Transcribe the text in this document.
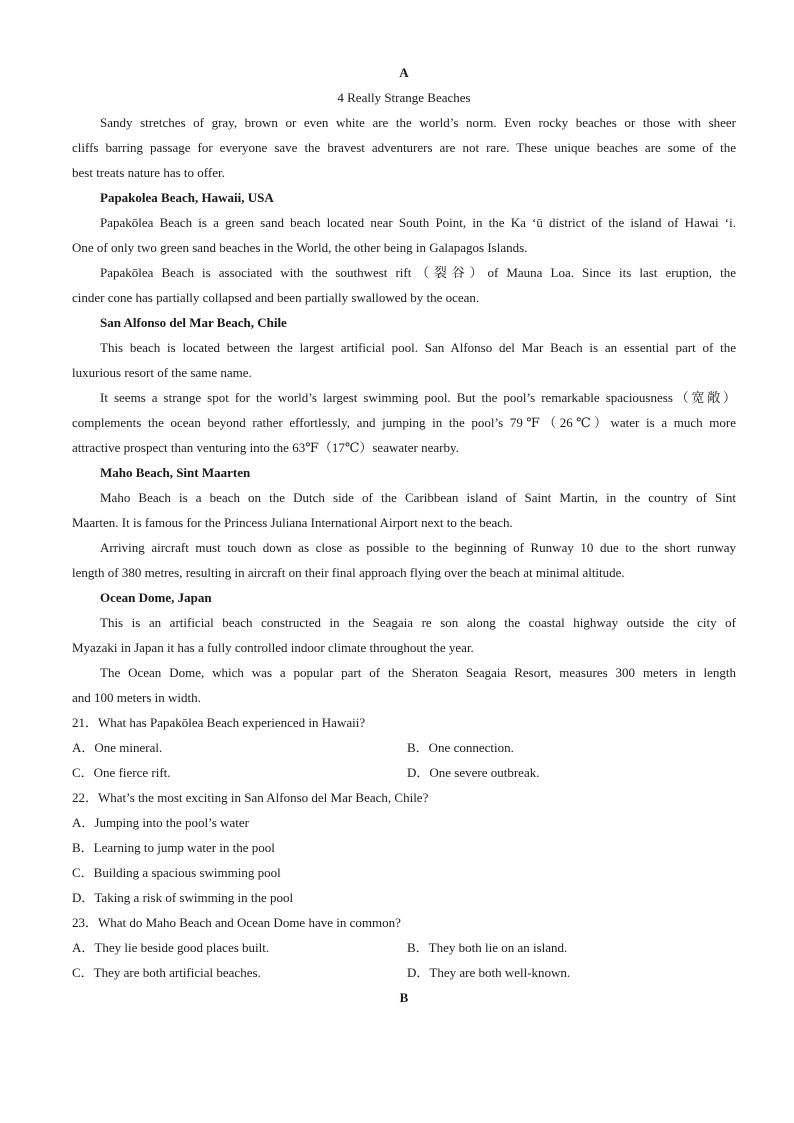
A
4 Really Strange Beaches
Sandy stretches of gray, brown or even white are the world’s norm. Even rocky beaches or those with sheer
cliffs barring passage for everyone save the bravest adventurers are not rare. These unique beaches are some of the
best treats nature has to offer.
Papakolea Beach, Hawaii, USA
Papakōlea Beach is a green sand beach located near South Point, in the Ka ‘ū district of the island of Hawai ‘i.
One of only two green sand beaches in the World, the other being in Galapagos Islands.
Papakōlea Beach is associated with the southwest rift（裂谷）of Mauna Loa. Since its last eruption, the
cinder cone has partially collapsed and been partially swallowed by the ocean.
San Alfonso del Mar Beach, Chile
This beach is located between the largest artificial pool. San Alfonso del Mar Beach is an essential part of the
luxurious resort of the same name.
It seems a strange spot for the world’s largest swimming pool. But the pool’s remarkable spaciousness（宽敞）
complements the ocean beyond rather effortlessly, and jumping in the pool’s 79℉（26℃）water is a much more
attractive prospect than venturing into the 63℉（17℃）seawater nearby.
Maho Beach, Sint Maarten
Maho Beach is a beach on the Dutch side of the Caribbean island of Saint Martin, in the country of Sint
Maarten. It is famous for the Princess Juliana International Airport next to the beach.
Arriving aircraft must touch down as close as possible to the beginning of Runway 10 due to the short runway
length of 380 metres, resulting in aircraft on their final approach flying over the beach at minimal altitude.
Ocean Dome, Japan
This is an artificial beach constructed in the Seagaia re son along the coastal highway outside the city of
Myazaki in Japan it has a fully controlled indoor climate throughout the year.
The Ocean Dome, which was a popular part of the Sheraton Seagaia Resort, measures 300 meters in length
and 100 meters in width.
21．What has Papakōlea Beach experienced in Hawaii?
A．One mineral.	B．One connection.
C．One fierce rift.	D．One severe outbreak.
22．What’s the most exciting in San Alfonso del Mar Beach, Chile?
A．Jumping into the pool’s water
B．Learning to jump water in the pool
C．Building a spacious swimming pool
D．Taking a risk of swimming in the pool
23．What do Maho Beach and Ocean Dome have in common?
A．They lie beside good places built.	B．They both lie on an island.
C．They are both artificial beaches.	D．They are both well-known.
B
